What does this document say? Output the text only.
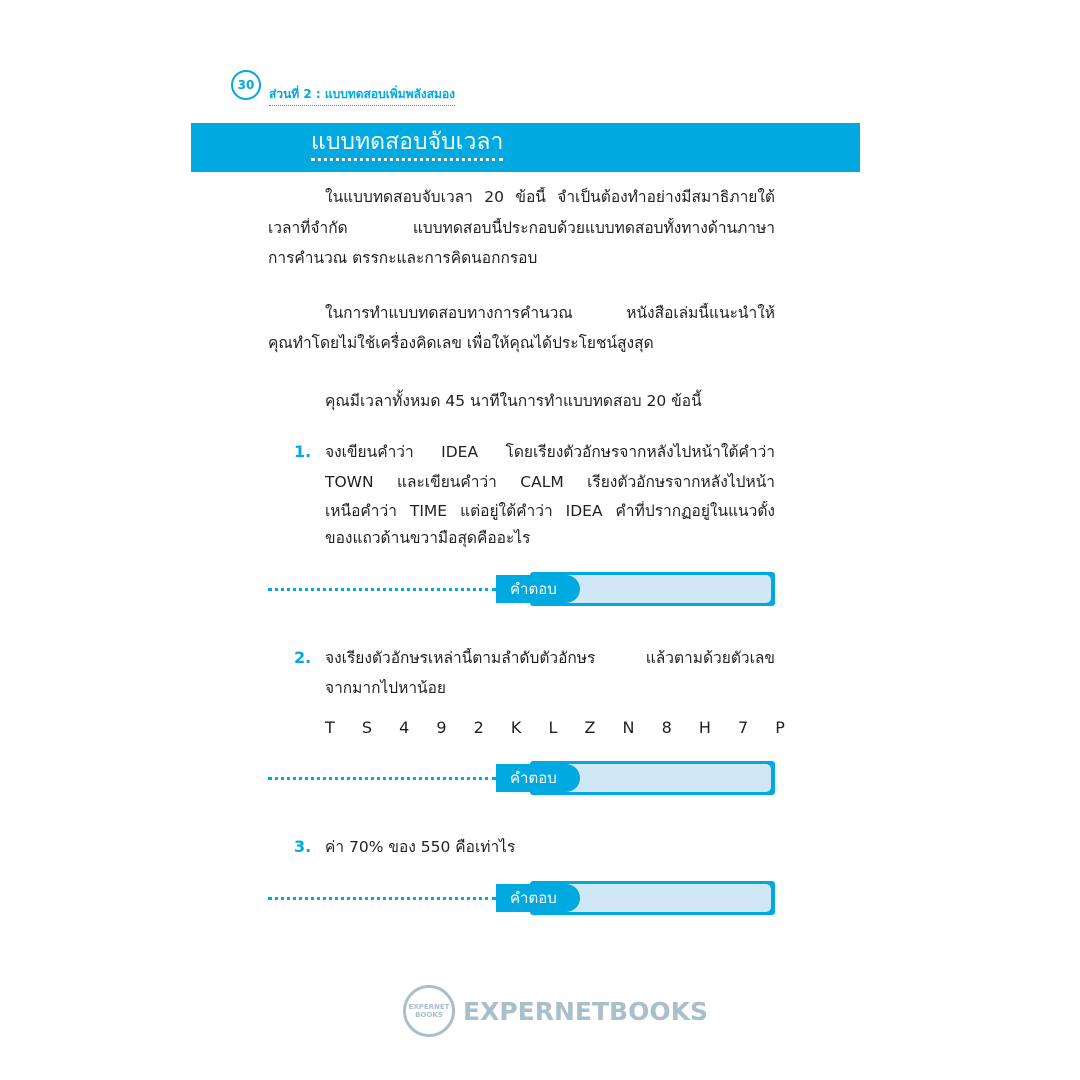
30
ส่วนที่ 2 : แบบทดสอบเพิ่มพลังสมอง
แบบทดสอบจับเวลา
ในแบบทดสอบจับเวลา 20 ข้อนี้ จำเป็นต้องทำอย่างมีสมาธิภายใต้
เวลาที่จำกัด แบบทดสอบนี้ประกอบด้วยแบบทดสอบทั้งทางด้านภาษา
การคำนวณ ตรรกะและการคิดนอกกรอบ
ในการทำแบบทดสอบทางการคำนวณ หนังสือเล่มนี้แนะนำให้
คุณทำโดยไม่ใช้เครื่องคิดเลข เพื่อให้คุณได้ประโยชน์สูงสุด
คุณมีเวลาทั้งหมด 45 นาทีในการทำแบบทดสอบ 20 ข้อนี้
1. จงเขียนคำว่า IDEA โดยเรียงตัวอักษรจากหลังไปหน้าใต้คำว่า
TOWN และเขียนคำว่า CALM เรียงตัวอักษรจากหลังไปหน้า
เหนือคำว่า TIME แต่อยู่ใต้คำว่า IDEA คำที่ปรากฏอยู่ในแนวตั้ง
ของแถวด้านขวามือสุดคืออะไร
คำตอบ
2. จงเรียงตัวอักษรเหล่านี้ตามลำดับตัวอักษร แล้วตามด้วยตัวเลข
จากมากไปหาน้อย
T S 4 9 2 K L Z N 8 H 7 P
คำตอบ
3. ค่า 70% ของ 550 คือเท่าไร
คำตอบ
EXPERNET BOOKS EXPERNETBOOKS
